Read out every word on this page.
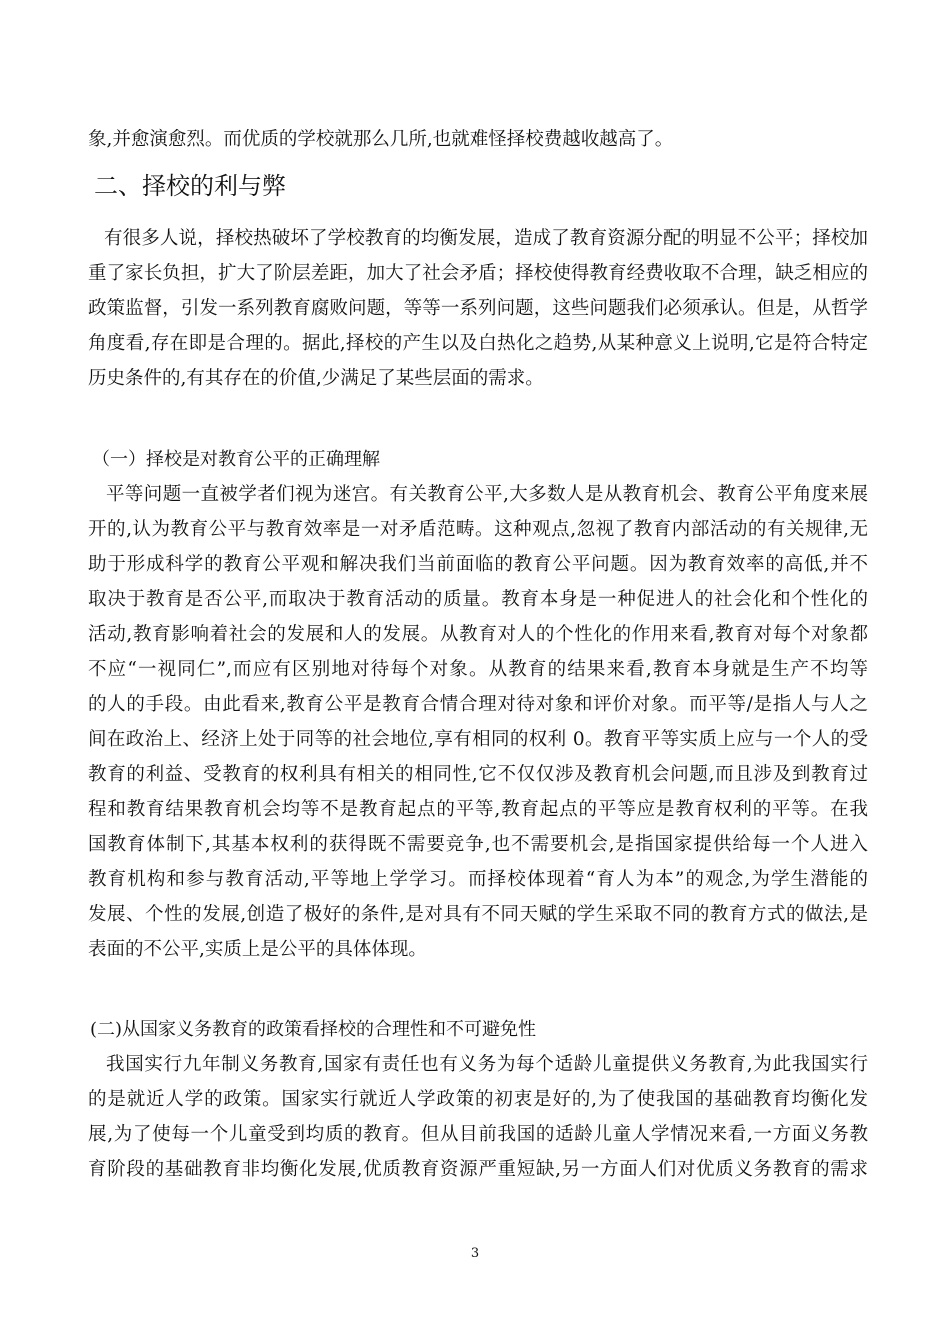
象,并愈演愈烈。而优质的学校就那么几所,也就难怪择校费越收越高了。
二、择校的利与弊
有很多人说，择校热破坏了学校教育的均衡发展，造成了教育资源分配的明显不公平；择校加
重了家长负担，扩大了阶层差距，加大了社会矛盾；择校使得教育经费收取不合理，缺乏相应的
政策监督，引发一系列教育腐败问题，等等一系列问题，这些问题我们必须承认。但是，从哲学
角度看,存在即是合理的。据此,择校的产生以及白热化之趋势,从某种意义上说明,它是符合特定
历史条件的,有其存在的价值,少满足了某些层面的需求。
（一）择校是对教育公平的正确理解
平等问题一直被学者们视为迷宫。有关教育公平,大多数人是从教育机会、教育公平角度来展
开的,认为教育公平与教育效率是一对矛盾范畴。这种观点,忽视了教育内部活动的有关规律,无
助于形成科学的教育公平观和解决我们当前面临的教育公平问题。因为教育效率的高低,并不
取决于教育是否公平,而取决于教育活动的质量。教育本身是一种促进人的社会化和个性化的
活动,教育影响着社会的发展和人的发展。从教育对人的个性化的作用来看,教育对每个对象都
不应“一视同仁”,而应有区别地对待每个对象。从教育的结果来看,教育本身就是生产不均等
的人的手段。由此看来,教育公平是教育合情合理对待对象和评价对象。而平等/是指人与人之
间在政治上、经济上处于同等的社会地位,享有相同的权利 0。教育平等实质上应与一个人的受
教育的利益、受教育的权利具有相关的相同性,它不仅仅涉及教育机会问题,而且涉及到教育过
程和教育结果教育机会均等不是教育起点的平等,教育起点的平等应是教育权利的平等。在我
国教育体制下,其基本权利的获得既不需要竞争,也不需要机会,是指国家提供给每一个人进入
教育机构和参与教育活动,平等地上学学习。而择校体现着“育人为本”的观念,为学生潜能的
发展、个性的发展,创造了极好的条件,是对具有不同天赋的学生采取不同的教育方式的做法,是
表面的不公平,实质上是公平的具体体现。
(二)从国家义务教育的政策看择校的合理性和不可避免性
我国实行九年制义务教育,国家有责任也有义务为每个适龄儿童提供义务教育,为此我国实行
的是就近人学的政策。国家实行就近人学政策的初衷是好的,为了使我国的基础教育均衡化发
展,为了使每一个儿童受到均质的教育。但从目前我国的适龄儿童人学情况来看,一方面义务教
育阶段的基础教育非均衡化发展,优质教育资源严重短缺,另一方面人们对优质义务教育的需求
3
